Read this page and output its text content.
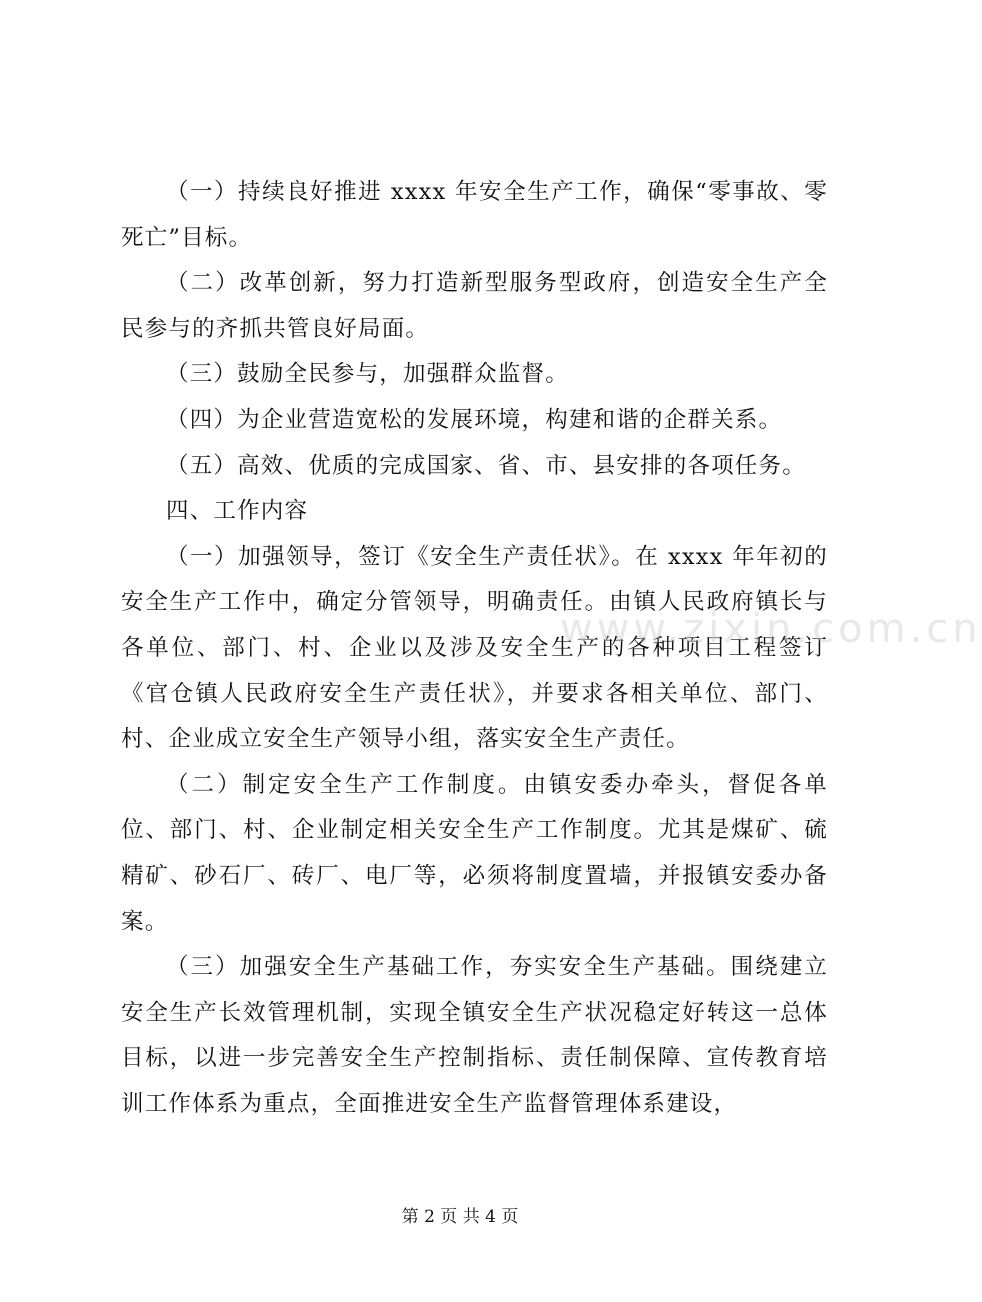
（一）持续良好推进 xxxx 年安全生产工作，确保“零事故、零死亡”目标。

（二）改革创新，努力打造新型服务型政府，创造安全生产全民参与的齐抓共管良好局面。

（三）鼓励全民参与，加强群众监督。

（四）为企业营造宽松的发展环境，构建和谐的企群关系。

（五）高效、优质的完成国家、省、市、县安排的各项任务。

四、工作内容

（一）加强领导，签订《安全生产责任状》。在 xxxx 年年初的安全生产工作中，确定分管领导，明确责任。由镇人民政府镇长与各单位、部门、村、企业以及涉及安全生产的各种项目工程签订《官仓镇人民政府安全生产责任状》，并要求各相关单位、部门、村、企业成立安全生产领导小组，落实安全生产责任。

（二）制定安全生产工作制度。由镇安委办牵头，督促各单位、部门、村、企业制定相关安全生产工作制度。尤其是煤矿、硫精矿、砂石厂、砖厂、电厂等，必须将制度置墙，并报镇安委办备案。

（三）加强安全生产基础工作，夯实安全生产基础。围绕建立安全生产长效管理机制，实现全镇安全生产状况稳定好转这一总体目标，以进一步完善安全生产控制指标、责任制保障、宣传教育培训工作体系为重点，全面推进安全生产监督管理体系建设，

www.zixin.com.cn
第 2 页 共 4 页
